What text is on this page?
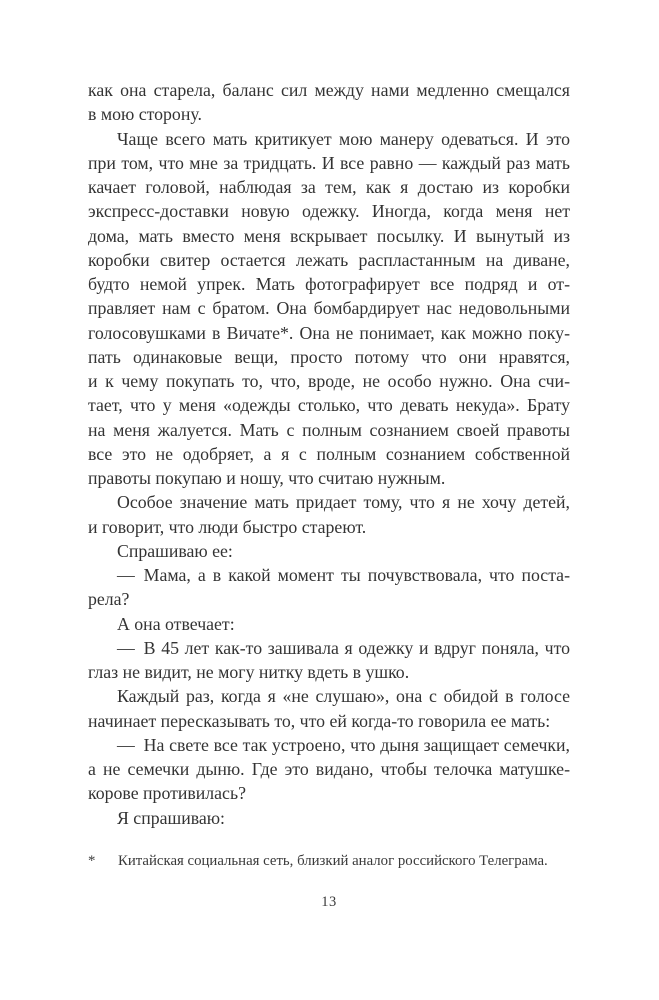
как она старела, баланс сил между нами медленно смещался
в мою сторону.
Чаще всего мать критикует мою манеру одеваться. И это
при том, что мне за тридцать. И все равно — каждый раз мать
качает головой, наблюдая за тем, как я достаю из коробки
экспресс-доставки новую одежку. Иногда, когда меня нет
дома, мать вместо меня вскрывает посылку. И вынутый из
коробки свитер остается лежать распластанным на диване,
будто немой упрек. Мать фотографирует все подряд и от-
правляет нам с братом. Она бомбардирует нас недовольными
голосовушками в Вичате*. Она не понимает, как можно поку-
пать одинаковые вещи, просто потому что они нравятся,
и к чему покупать то, что, вроде, не особо нужно. Она счи-
тает, что у меня «одежды столько, что девать некуда». Брату
на меня жалуется. Мать с полным сознанием своей правоты
все это не одобряет, а я с полным сознанием собственной
правоты покупаю и ношу, что считаю нужным.
Особое значение мать придает тому, что я не хочу детей,
и говорит, что люди быстро стареют.
Спрашиваю ее:
— Мама, а в какой момент ты почувствовала, что поста-
рела?
А она отвечает:
— В 45 лет как-то зашивала я одежку и вдруг поняла, что
глаз не видит, не могу нитку вдеть в ушко.
Каждый раз, когда я «не слушаю», она с обидой в голосе
начинает пересказывать то, что ей когда-то говорила ее мать:
— На свете все так устроено, что дыня защищает семечки,
а не семечки дыню. Где это видано, чтобы телочка матушке-
корове противилась?
Я спрашиваю:
*	Китайская социальная сеть, близкий аналог российского Телеграма.
13
